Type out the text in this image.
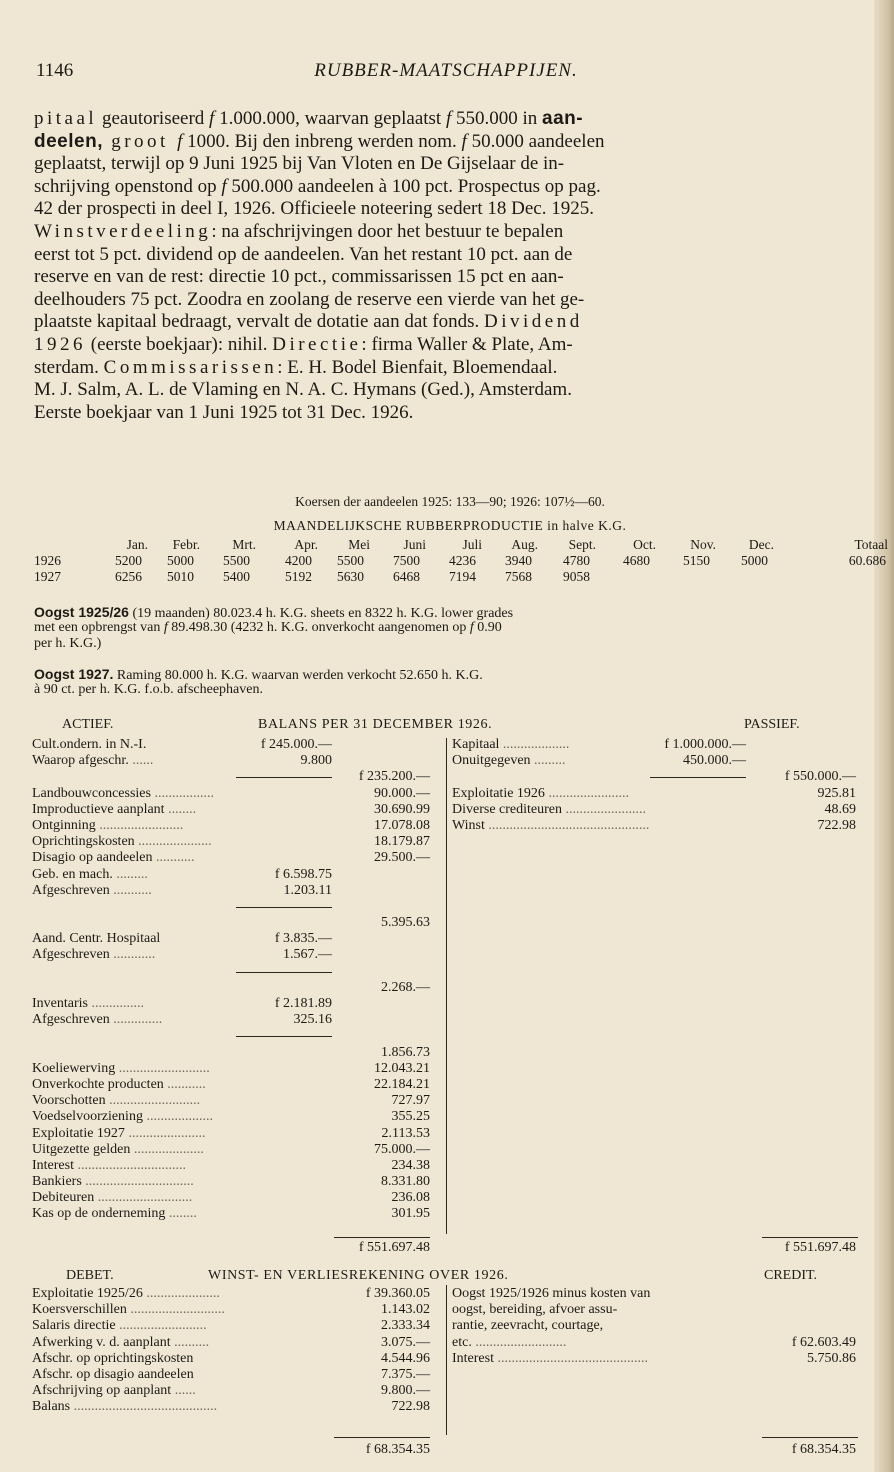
1146	RUBBER-MAATSCHAPPIJEN.
pitaal geautoriseerd f 1.000.000, waarvan geplaatst f 550.000 in aan-
deelen, groot f 1000. Bij den inbreng werden nom. f 50.000 aandeelen
geplaatst, terwijl op 9 Juni 1925 bij Van Vloten en De Gijselaar de in-
schrijving openstond op f 500.000 aandeelen à 100 pct. Prospectus op pag.
42 der prospecti in deel I, 1926. Officieele noteering sedert 18 Dec. 1925.
Winstverdeeling: na afschrijvingen door het bestuur te bepalen
eerst tot 5 pct. dividend op de aandeelen. Van het restant 10 pct. aan de
reserve en van de rest: directie 10 pct., commissarissen 15 pct en aan-
deelhouders 75 pct. Zoodra en zoolang de reserve een vierde van het ge-
plaatste kapitaal bedraagt, vervalt de dotatie aan dat fonds. Dividend
1926 (eerste boekjaar): nihil. Directie: firma Waller & Plate, Am-
sterdam. Commissarissen: E. H. Bodel Bienfait, Bloemendaal.
M. J. Salm, A. L. de Vlaming en N. A. C. Hymans (Ged.), Amsterdam.
Eerste boekjaar van 1 Juni 1925 tot 31 Dec. 1926.
Koersen der aandeelen 1925: 133—90; 1926: 107½—60.
MAANDELIJKSCHE RUBBERPRODUCTIE in halve K.G.
Jan.	Febr.	Mrt.	Apr.	Mei	Juni	Juli	Aug.	Sept.	Oct.	Nov.	Dec.	Totaal
1926	5200	5000	5500	4200	5500	7500	4236	3940	4780	4680	5150	5000	60.686
1927	6256	5010	5400	5192	5630	6468	7194	7568	9058
Oogst 1925/26 (19 maanden) 80.023.4 h. K.G. sheets en 8322 h. K.G. lower grades
met een opbrengst van f 89.498.30 (4232 h. K.G. onverkocht aangenomen op f 0.90
per h. K.G.)
Oogst 1927. Raming 80.000 h. K.G. waarvan werden verkocht 52.650 h. K.G.
à 90 ct. per h. K.G. f.o.b. afscheephaven.
ACTIEF.	BALANS PER 31 DECEMBER 1926.	PASSIEF.
Cult.ondern. in N.-I.	f 245.000.—
Waarop afgeschr. ......	9.800
f 235.200.—
Landbouwconcessies .................	90.000.—
Improductieve aanplant ........	30.690.99
Ontginning ........................	17.078.08
Oprichtingskosten .....................	18.179.87
Disagio op aandeelen ...........	29.500.—
Geb. en mach. .........	f 6.598.75
Afgeschreven ...........	1.203.11
5.395.63
Aand. Centr. Hospitaal	f 3.835.—
Afgeschreven ............	1.567.—
2.268.—
Inventaris ...............	f 2.181.89
Afgeschreven ..............	325.16
1.856.73
Koeliewerving ..........................	12.043.21
Onverkochte producten ...........	22.184.21
Voorschotten ..........................	727.97
Voedselvoorziening ...................	355.25
Exploitatie 1927 ......................	2.113.53
Uitgezette gelden ....................	75.000.—
Interest ...............................	234.38
Bankiers ...............................	8.331.80
Debiteuren ...........................	236.08
Kas op de onderneming ........	301.95
Kapitaal ...................	f 1.000.000.—
Onuitgegeven .........	450.000.—
f 550.000.—
Exploitatie 1926 .......................	925.81
Diverse crediteuren .......................	48.69
Winst ..............................................	722.98
f 551.697.48	f 551.697.48
DEBET.	WINST- EN VERLIESREKENING OVER 1926.	CREDIT.
Exploitatie 1925/26 .....................	f 39.360.05
Koersverschillen ...........................	1.143.02
Salaris directie .........................	2.333.34
Afwerking v. d. aanplant ..........	3.075.—
Afschr. op oprichtingskosten	4.544.96
Afschr. op disagio aandeelen	7.375.—
Afschrijving op aanplant ......	9.800.—
Balans .........................................	722.98
Oogst 1925/1926 minus kosten van
oogst, bereiding, afvoer assu-
rantie, zeevracht, courtage,
etc. ..........................	f 62.603.49
Interest ...........................................	5.750.86
f 68.354.35	f 68.354.35
